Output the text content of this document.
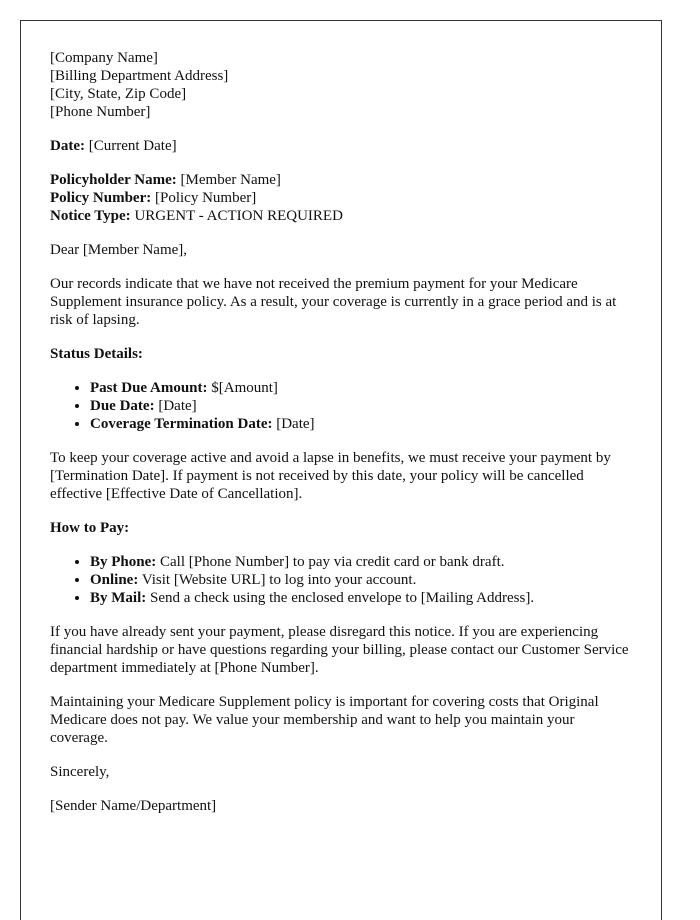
[Company Name]
[Billing Department Address]
[City, State, Zip Code]
[Phone Number]

Date: [Current Date]

Policyholder Name: [Member Name]
Policy Number: [Policy Number]
Notice Type: URGENT - ACTION REQUIRED

Dear [Member Name],

Our records indicate that we have not received the premium payment for your Medicare Supplement insurance policy. As a result, your coverage is currently in a grace period and is at risk of lapsing.

Status Details:

• Past Due Amount: $[Amount]
• Due Date: [Date]
• Coverage Termination Date: [Date]

To keep your coverage active and avoid a lapse in benefits, we must receive your payment by [Termination Date]. If payment is not received by this date, your policy will be cancelled effective [Effective Date of Cancellation].

How to Pay:

• By Phone: Call [Phone Number] to pay via credit card or bank draft.
• Online: Visit [Website URL] to log into your account.
• By Mail: Send a check using the enclosed envelope to [Mailing Address].

If you have already sent your payment, please disregard this notice. If you are experiencing financial hardship or have questions regarding your billing, please contact our Customer Service department immediately at [Phone Number].

Maintaining your Medicare Supplement policy is important for covering costs that Original Medicare does not pay. We value your membership and want to help you maintain your coverage.

Sincerely,

[Sender Name/Department]
